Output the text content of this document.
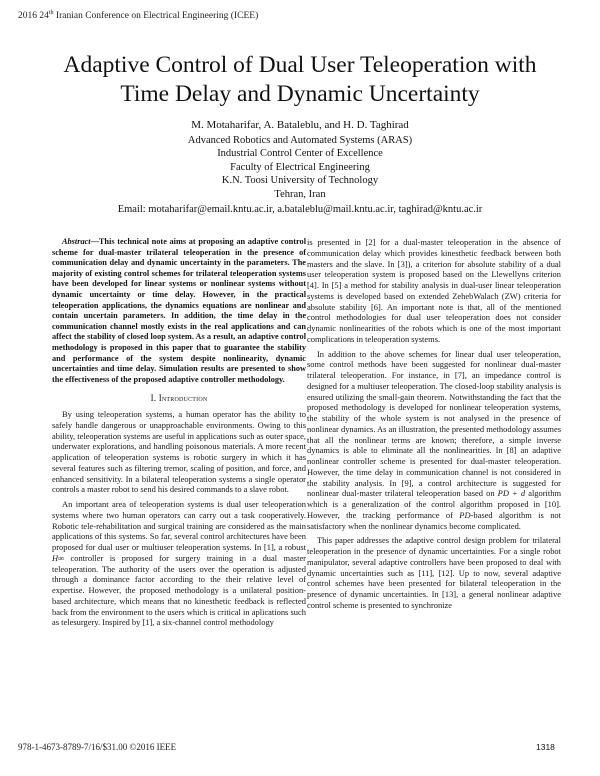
2016 24th Iranian Conference on Electrical Engineering (ICEE)
Adaptive Control of Dual User Teleoperation with
Time Delay and Dynamic Uncertainty
M. Motaharifar, A. Bataleblu, and H. D. Taghirad
Advanced Robotics and Automated Systems (ARAS)
Industrial Control Center of Excellence
Faculty of Electrical Engineering
K.N. Toosi University of Technology
Tehran, Iran
Email: motaharifar@email.kntu.ac.ir, a.bataleblu@mail.kntu.ac.ir, taghirad@kntu.ac.ir

Abstract—This technical note aims at proposing an adaptive control scheme for dual-master trilateral teleoperation in the presence of communication delay and dynamic uncertainty in the parameters. The majority of existing control schemes for trilateral teleoperation systems have been developed for linear systems or nonlinear systems without dynamic uncertainty or time delay. However, in the practical teleoperation applications, the dynamics equations are nonlinear and contain uncertain parameters. In addition, the time delay in the communication channel mostly exists in the real applications and can affect the stability of closed loop system. As a result, an adaptive control methodology is proposed in this paper that to guarantee the stability and performance of the system despite nonlinearity, dynamic uncertainties and time delay. Simulation results are presented to show the effectiveness of the proposed adaptive controller methodology.

I. Introduction

By using teleoperation systems, a human operator has the ability to safely handle dangerous or unapproachable environments. Owing to this ability, teleoperation systems are useful in applications such as outer space, underwater explorations, and handling poisonous materials. A more recent application of teleoperation systems is robotic surgery in which it has several features such as filtering tremor, scaling of position, and force, and enhanced sensitivity. In a bilateral teleoperation systems a single operator controls a master robot to send his desired commands to a slave robot.

An important area of teleoperation systems is dual user teleoperation systems where two human operators can carry out a task cooperatively. Robotic tele-rehabilitation and surgical training are considered as the main applications of this systems. So far, several control architectures have been proposed for dual user or multiuser teleoperation systems. In [1], a robust H∞ controller is proposed for surgery training in a dual master teleoperation. The authority of the users over the operation is adjusted through a dominance factor according to the their relative level of expertise. However, the proposed methodology is a unilateral position-based architecture, which means that no kinesthetic feedback is reflected back from the environment to the users which is critical in aplications such as telesurgery. Inspired by [1], a six-channel control methodology

is presented in [2] for a dual-master teleoperation in the absence of communication delay which provides kinesthetic feedback between both masters and the slave. In [3]), a criterion for absolute stability of a dual user teleoperation system is proposed based on the Llewellyns criterion [4]. In [5] a method for stability analysis in dual-user linear teleoperation systems is developed based on extended ZehebWalach (ZW) criteria for absolute stability [6]. An important note is that, all of the mentioned control methodologies for dual user teleoperation does not consider dynamic nonlinearities of the robots which is one of the most important complications in teleoperation systems.

In addition to the above schemes for linear dual user teleoperation, some control methods have been suggested for nonlinear dual-master trilateral teleoperation. For instance, in [7], an impedance control is designed for a multiuser teleoperation. The closed-loop stability analysis is ensured utilizing the small-gain theorem. Notwithstanding the fact that the proposed methodology is developed for nonlinear teleoperation systems, the stability of the whole system is not analysed in the presence of nonlinear dynamics. As an illustration, the presented methodology assumes that all the nonlinear terms are known; therefore, a simple inverse dynamics is able to eliminate all the nonlinearities. In [8] an adaptive nonlinear controller scheme is presented for dual-master teleoperation. However, the time delay in communication channel is not considered in the stability analysis. In [9], a control architecture is suggested for nonlinear dual-master trilateral teleoperation based on PD + d algorithm which is a generalization of the control algorithm proposed in [10]. However, the tracking performance of PD-based algorithm is not satisfactory when the nonlinear dynamics become complicated.

This paper addresses the adaptive control design problem for trilateral teleoperation in the presence of dynamic uncertainties. For a single robot manipulator, several adaptive controllers have been proposed to deal with dynamic uncertainties such as [11], [12]. Up to now, several adaptive control schemes have been presented for bilateral teleoperation in the presence of dynamic uncertainties. In [13], a general nonlinear adaptive control scheme is presented to synchronize

978-1-4673-8789-7/16/$31.00 ©2016 IEEE	1318
